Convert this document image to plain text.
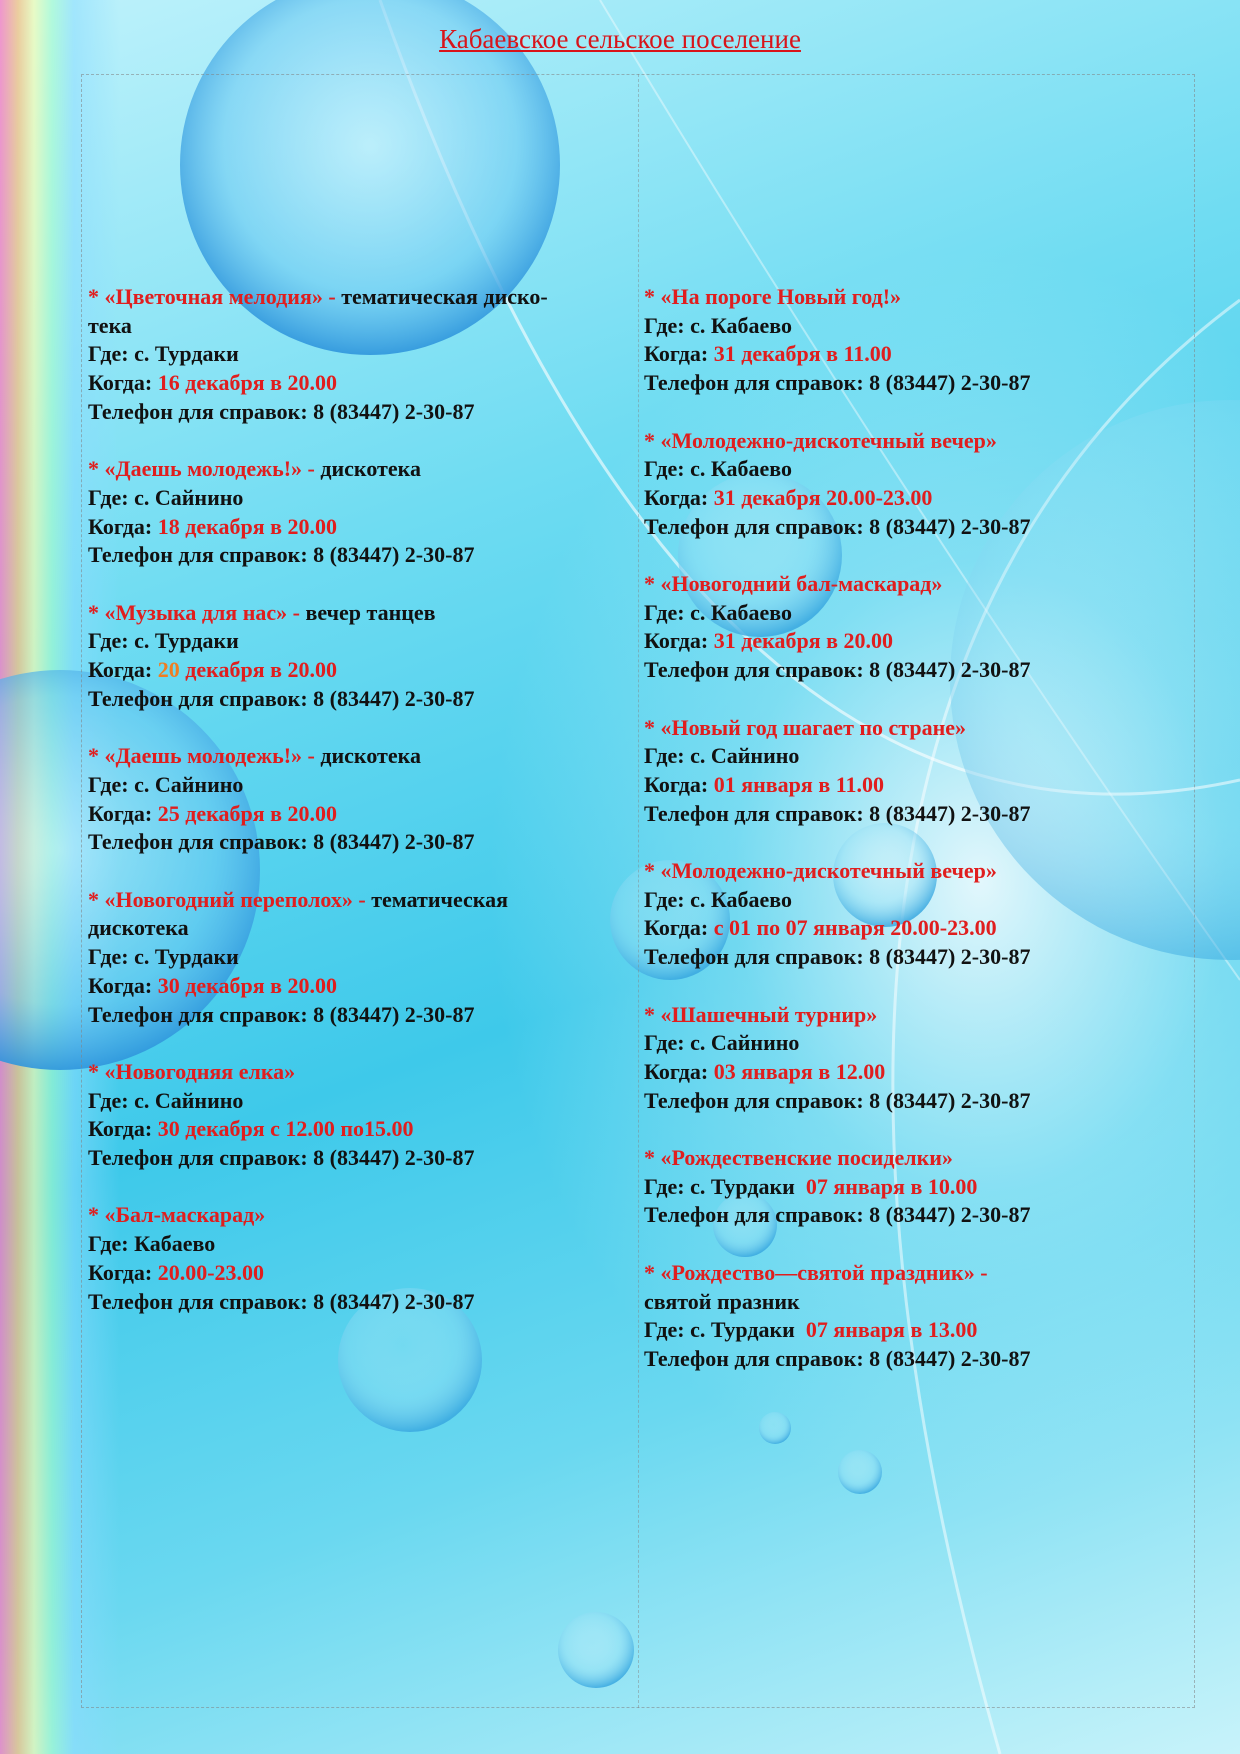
Кабаевское сельское поселение
* «Цветочная мелодия» - тематическая диско-
тека
Где: с. Турдаки
Когда: 16 декабря в 20.00
Телефон для справок: 8 (83447) 2-30-87
* «Даешь молодежь!» - дискотека
Где: с. Сайнино
Когда: 18 декабря в 20.00
Телефон для справок: 8 (83447) 2-30-87
* «Музыка для нас» - вечер танцев
Где: с. Турдаки
Когда: 20 декабря в 20.00
Телефон для справок: 8 (83447) 2-30-87
* «Даешь молодежь!» - дискотека
Где: с. Сайнино
Когда: 25 декабря в 20.00
Телефон для справок: 8 (83447) 2-30-87
* «Новогодний переполох» - тематическая
дискотека
Где: с. Турдаки
Когда: 30 декабря в 20.00
Телефон для справок: 8 (83447) 2-30-87
* «Новогодняя елка»
Где: с. Сайнино
Когда: 30 декабря с 12.00 по15.00
Телефон для справок: 8 (83447) 2-30-87
* «Бал-маскарад»
Где: Кабаево
Когда: 20.00-23.00
Телефон для справок: 8 (83447) 2-30-87
* «На пороге Новый год!»
Где: с. Кабаево
Когда: 31 декабря в 11.00
Телефон для справок: 8 (83447) 2-30-87
* «Молодежно-дискотечный вечер»
Где: с. Кабаево
Когда: 31 декабря 20.00-23.00
Телефон для справок: 8 (83447) 2-30-87
* «Новогодний бал-маскарад»
Где: с. Кабаево
Когда: 31 декабря в 20.00
Телефон для справок: 8 (83447) 2-30-87
* «Новый год шагает по стране»
Где: с. Сайнино
Когда: 01 января в 11.00
Телефон для справок: 8 (83447) 2-30-87
* «Молодежно-дискотечный вечер»
Где: с. Кабаево
Когда: с 01 по 07 января 20.00-23.00
Телефон для справок: 8 (83447) 2-30-87
* «Шашечный турнир»
Где: с. Сайнино
Когда: 03 января в 12.00
Телефон для справок: 8 (83447) 2-30-87
* «Рождественские посиделки»
Где: с. Турдаки  07 января в 10.00
Телефон для справок: 8 (83447) 2-30-87
* «Рождество—святой праздник» -
святой празник
Где: с. Турдаки  07 января в 13.00
Телефон для справок: 8 (83447) 2-30-87
